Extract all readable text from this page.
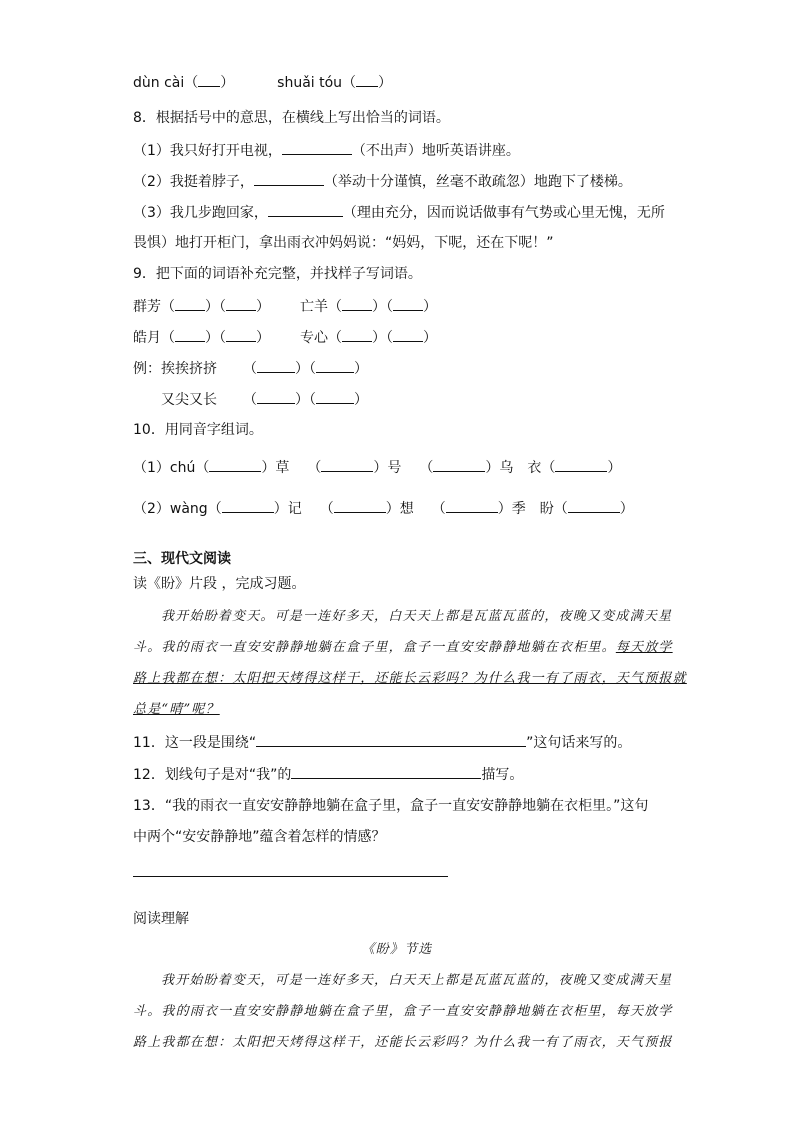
dùn cài（ ）	shuǎi tóu（ ）
8．根据括号中的意思，在横线上写出恰当的词语。
（1）我只好打开电视，	（不出声）地听英语讲座。
（2）我挺着脖子，	（举动十分谨慎，丝毫不敢疏忽）地跑下了楼梯。
（3）我几步跑回家，	（理由充分，因而说话做事有气势或心里无愧，无所
畏惧）地打开柜门，拿出雨衣冲妈妈说：“妈妈，下呢，还在下呢！”
9．把下面的词语补充完整，并找样子写词语。
群芳（ ）（ ） 亡羊（ ）（ ）
皓月（ ）（ ） 专心（ ）（ ）
例：挨挨挤挤 （	）（	）
又尖又长 （	）（	）
10．用同音字组词。
（1）chú（	）草 （	）号 （	）乌　衣（	）
（2）wàng（	）记 （	）想 （	）季　盼（	）
三、现代文阅读
读《盼》片段 ，完成习题。
我开始盼着变天。可是一连好多天，白天天上都是瓦蓝瓦蓝的，夜晚又变成满天星
斗。我的雨衣一直安安静静地躺在盒子里，盒子一直安安静静地躺在衣柜里。每天放学
路上我都在想：太阳把天烤得这样干，还能长云彩吗？为什么我一有了雨衣，天气预报就
总是“晴”呢？
11．这一段是围绕“	”这句话来写的。
12．划线句子是对“我”的	描写。
13．“我的雨衣一直安安静静地躺在盒子里，盒子一直安安静静地躺在衣柜里。”这句
中两个“安安静静地”蕴含着怎样的情感？
阅读理解
《盼》节选
我开始盼着变天，可是一连好多天，白天天上都是瓦蓝瓦蓝的，夜晚又变成满天星
斗。我的雨衣一直安安静静地躺在盒子里，盒子一直安安静静地躺在衣柜里，每天放学
路上我都在想：太阳把天烤得这样干，还能长云彩吗？为什么我一有了雨衣，天气预报
